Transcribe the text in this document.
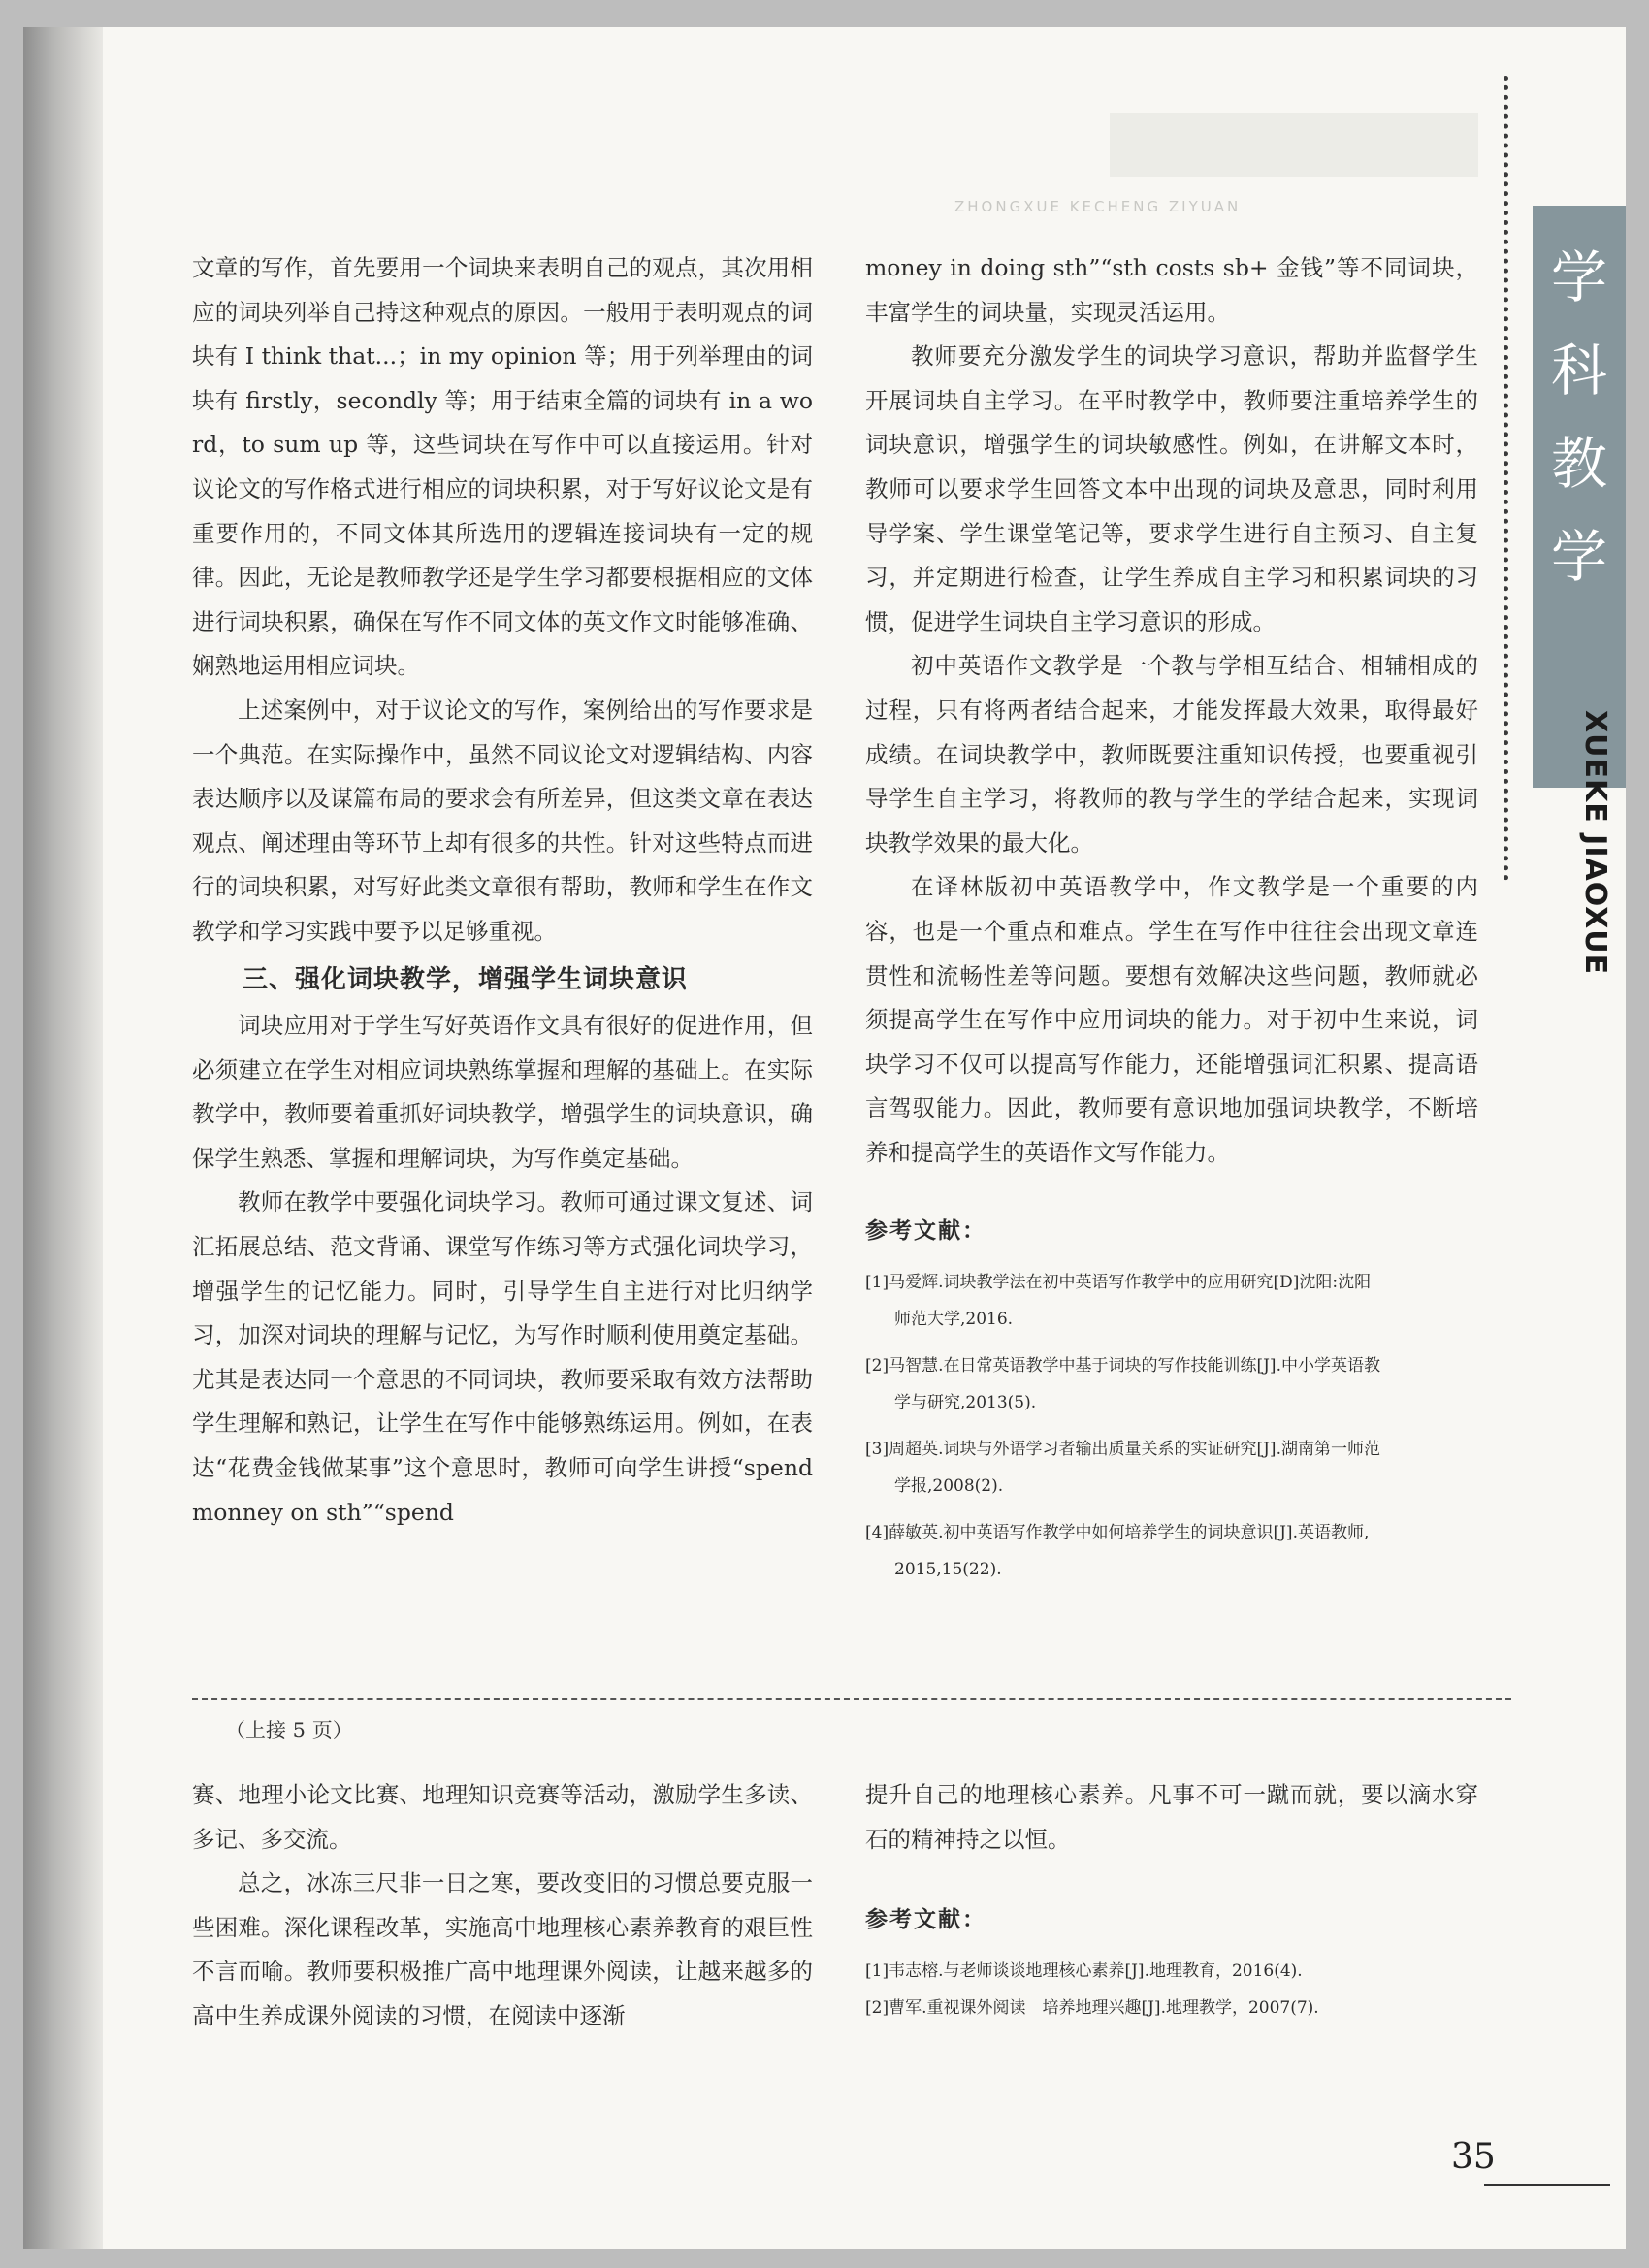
ZHONGXUE KECHENG ZIYUAN
学
科
教
学
XUEKE JIAOXUE

文章的写作，首先要用一个词块来表明自己的观点，其次用相应的词块列举自己持这种观点的原因。一般用于表明观点的词块有 I think that...；in my opinion 等；用于列举理由的词块有 firstly，secondly 等；用于结束全篇的词块有 in a word，to sum up 等，这些词块在写作中可以直接运用。针对议论文的写作格式进行相应的词块积累，对于写好议论文是有重要作用的，不同文体其所选用的逻辑连接词块有一定的规律。因此，无论是教师教学还是学生学习都要根据相应的文体进行词块积累，确保在写作不同文体的英文作文时能够准确、娴熟地运用相应词块。

上述案例中，对于议论文的写作，案例给出的写作要求是一个典范。在实际操作中，虽然不同议论文对逻辑结构、内容表达顺序以及谋篇布局的要求会有所差异，但这类文章在表达观点、阐述理由等环节上却有很多的共性。针对这些特点而进行的词块积累，对写好此类文章很有帮助，教师和学生在作文教学和学习实践中要予以足够重视。

三、强化词块教学，增强学生词块意识

词块应用对于学生写好英语作文具有很好的促进作用，但必须建立在学生对相应词块熟练掌握和理解的基础上。在实际教学中，教师要着重抓好词块教学，增强学生的词块意识，确保学生熟悉、掌握和理解词块，为写作奠定基础。

教师在教学中要强化词块学习。教师可通过课文复述、词汇拓展总结、范文背诵、课堂写作练习等方式强化词块学习，增强学生的记忆能力。同时，引导学生自主进行对比归纳学习，加深对词块的理解与记忆，为写作时顺利使用奠定基础。尤其是表达同一个意思的不同词块，教师要采取有效方法帮助学生理解和熟记，让学生在写作中能够熟练运用。例如，在表达“花费金钱做某事”这个意思时，教师可向学生讲授“spend monney on sth”“spend

money in doing sth”“sth costs sb+ 金钱”等不同词块，丰富学生的词块量，实现灵活运用。

教师要充分激发学生的词块学习意识，帮助并监督学生开展词块自主学习。在平时教学中，教师要注重培养学生的词块意识，增强学生的词块敏感性。例如，在讲解文本时，教师可以要求学生回答文本中出现的词块及意思，同时利用导学案、学生课堂笔记等，要求学生进行自主预习、自主复习，并定期进行检查，让学生养成自主学习和积累词块的习惯，促进学生词块自主学习意识的形成。

初中英语作文教学是一个教与学相互结合、相辅相成的过程，只有将两者结合起来，才能发挥最大效果，取得最好成绩。在词块教学中，教师既要注重知识传授，也要重视引导学生自主学习，将教师的教与学生的学结合起来，实现词块教学效果的最大化。

在译林版初中英语教学中，作文教学是一个重要的内容，也是一个重点和难点。学生在写作中往往会出现文章连贯性和流畅性差等问题。要想有效解决这些问题，教师就必须提高学生在写作中应用词块的能力。对于初中生来说，词块学习不仅可以提高写作能力，还能增强词汇积累、提高语言驾驭能力。因此，教师要有意识地加强词块教学，不断培养和提高学生的英语作文写作能力。

参考文献：

[1]马爱辉.词块教学法在初中英语写作教学中的应用研究[D]沈阳:沈阳
师范大学,2016.

[2]马智慧.在日常英语教学中基于词块的写作技能训练[J].中小学英语教
学与研究,2013(5).

[3]周超英.词块与外语学习者输出质量关系的实证研究[J].湖南第一师范
学报,2008(2).

[4]薛敏英.初中英语写作教学中如何培养学生的词块意识[J].英语教师,
2015,15(22).

（上接 5 页）

赛、地理小论文比赛、地理知识竞赛等活动，激励学生多读、多记、多交流。

总之，冰冻三尺非一日之寒，要改变旧的习惯总要克服一些困难。深化课程改革，实施高中地理核心素养教育的艰巨性不言而喻。教师要积极推广高中地理课外阅读，让越来越多的高中生养成课外阅读的习惯，在阅读中逐渐

提升自己的地理核心素养。凡事不可一蹴而就，要以滴水穿石的精神持之以恒。

参考文献：

[1]韦志榕.与老师谈谈地理核心素养[J].地理教育，2016(4).

[2]曹军.重视课外阅读　培养地理兴趣[J].地理教学，2007(7).

35
